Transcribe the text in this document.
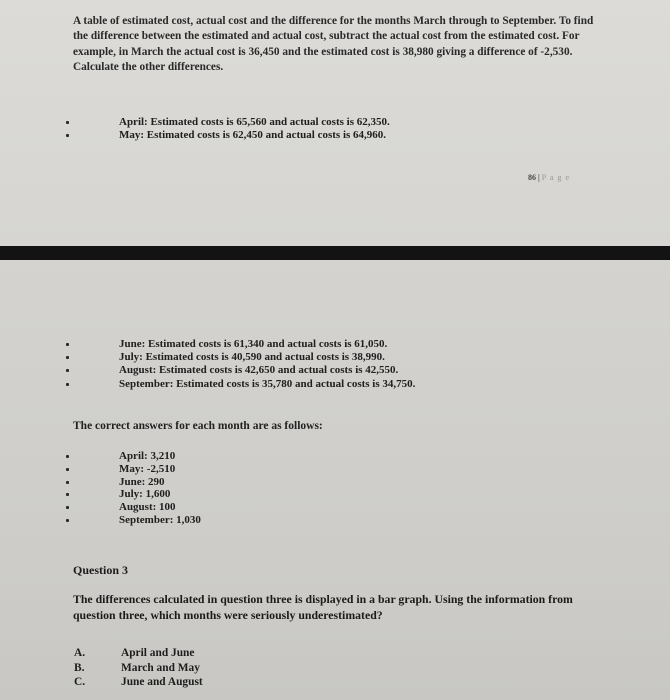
A table of estimated cost, actual cost and the difference for the months March through to September. To find the difference between the estimated and actual cost, subtract the actual cost from the estimated cost. For example, in March the actual cost is 36,450 and the estimated cost is 38,980 giving a difference of -2,530. Calculate the other differences.

April: Estimated costs is 65,560 and actual costs is 62,350.
May: Estimated costs is 62,450 and actual costs is 64,960.
86 | P a g e
June: Estimated costs is 61,340 and actual costs is 61,050.
July: Estimated costs is 40,590 and actual costs is 38,990.
August: Estimated costs is 42,650 and actual costs is 42,550.
September: Estimated costs is 35,780 and actual costs is 34,750.
The correct answers for each month are as follows:
April: 3,210
May: -2,510
June: 290
July: 1,600
August: 100
September: 1,030
Question 3

The differences calculated in question three is displayed in a bar graph. Using the information from question three, which months were seriously underestimated?

A.	April and June
B.	March and May
C.	June and August
